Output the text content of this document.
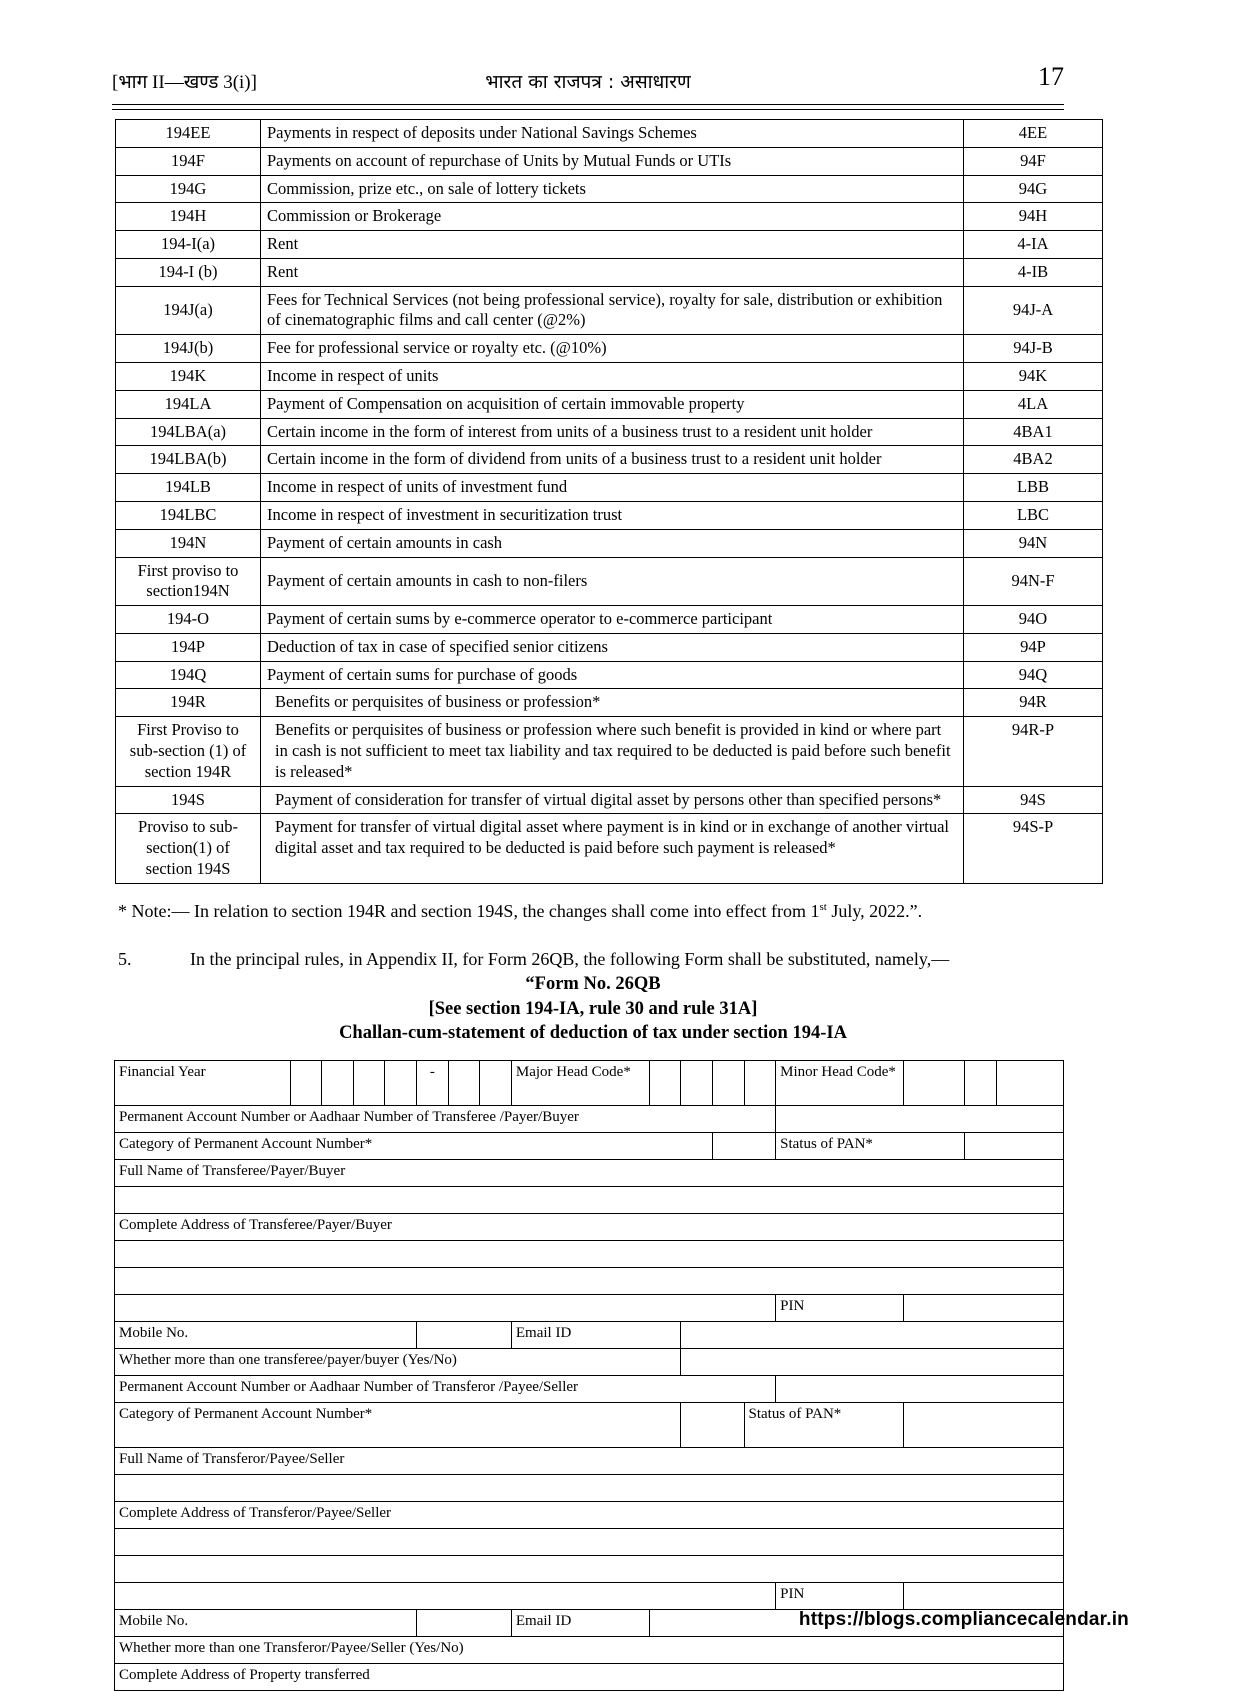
भारत का राजपत्र : असाधारण
[भाग II—खण्ड 3(i)]	17
194EE	Payments in respect of deposits under National Savings Schemes	4EE
194F	Payments on account of repurchase of Units by Mutual Funds or UTIs	94F
194G	Commission, prize etc., on sale of lottery tickets	94G
194H	Commission or Brokerage	94H
194-I(a)	Rent	4-IA
194-I (b)	Rent	4-IB
194J(a)	Fees for Technical Services (not being professional service), royalty for sale, distribution or exhibition of cinematographic films and call center (@2%)	94J-A
194J(b)	Fee for professional service or royalty etc. (@10%)	94J-B
194K	Income in respect of units	94K
194LA	Payment of Compensation on acquisition of certain immovable property	4LA
194LBA(a)	Certain income in the form of interest from units of a business trust to a resident unit holder	4BA1
194LBA(b)	Certain income in the form of dividend from units of a business trust to a resident unit holder	4BA2
194LB	Income in respect of units of investment fund	LBB
194LBC	Income in respect of investment in securitization trust	LBC
194N	Payment of certain amounts in cash	94N
First proviso to section194N	Payment of certain amounts in cash to non-filers	94N-F
194-O	Payment of certain sums by e-commerce operator to e-commerce participant	94O
194P	Deduction of tax in case of specified senior citizens	94P
194Q	Payment of certain sums for purchase of goods	94Q
194R	Benefits or perquisites of business or profession*	94R
First Proviso to sub-section (1) of section 194R	Benefits or perquisites of business or profession where such benefit is provided in kind or where part in cash is not sufficient to meet tax liability and tax required to be deducted is paid before such benefit is released*	94R-P
194S	Payment of consideration for transfer of virtual digital asset by persons other than specified persons*	94S
Proviso to sub-section(1) of section 194S	Payment for transfer of virtual digital asset where payment is in kind or in exchange of another virtual digital asset and tax required to be deducted is paid before such payment is released*	94S-P
* Note:— In relation to section 194R and section 194S, the changes shall come into effect from 1st July, 2022.”.
5.	In the principal rules, in Appendix II, for Form 26QB, the following Form shall be substituted, namely,—
“Form No. 26QB
[See section 194-IA, rule 30 and rule 31A]
Challan-cum-statement of deduction of tax under section 194-IA
Financial Year					-			Major Head Code*					Minor Head Code*			
Permanent Account Number or Aadhaar Number of Transferee /Payer/Buyer																
Category of Permanent Account Number*													Status of PAN*			
Full Name of Transferee/Payer/Buyer																

Complete Address of Transferee/Payer/Buyer																

													PIN			
Mobile No.								Email ID								
Whether more than one transferee/payer/buyer (Yes/No)																
Permanent Account Number or Aadhaar Number of Transferor /Payee/Seller																
Category of Permanent Account Number*												Status of PAN*				
Full Name of Transferor/Payee/Seller																

Complete Address of Transferor/Payee/Seller																

													PIN			
Mobile No.								Email ID								
Whether more than one Transferor/Payee/Seller (Yes/No)																
Complete Address of Property transferred																
https://blogs.compliancecalendar.in
